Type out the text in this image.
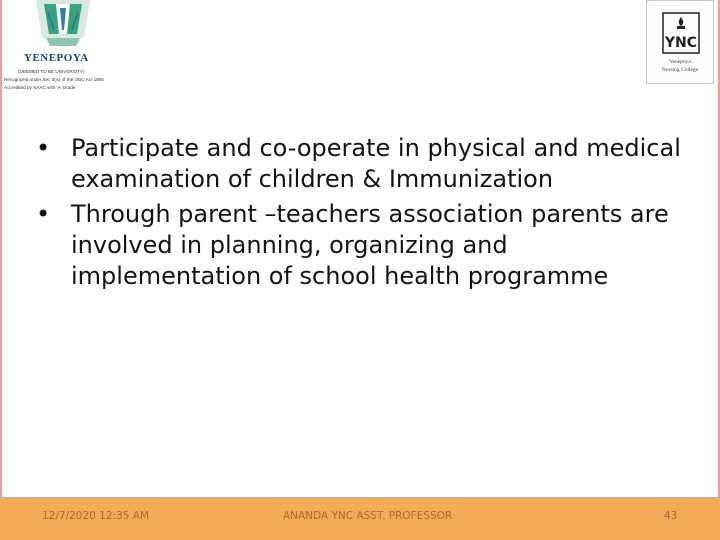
YENEPOYA
(DEEMED TO BE UNIVERSITY)
Recognized under Sec 3(A) of the UGC Act 1956
Accredited by NAAC with 'A' Grade
· · · · · · · · · · · · ·
YNC
Yenepoya
Nursing College
• Participate and co-operate in physical and medical examination of children & Immunization
• Through parent –teachers association parents are involved in planning, organizing and implementation of school health programme
12/7/2020 12:35 AM	ANANDA YNC ASST. PROFESSOR	43
